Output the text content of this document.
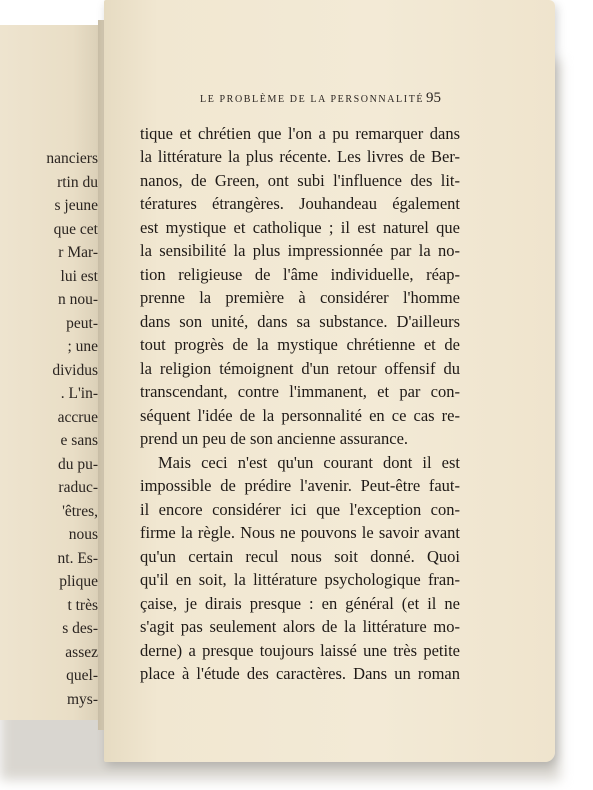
nanciers

rtin du

s jeune

que cet

r Mar-

lui est

n nou-

peut-

; une

dividus

. L'in-

accrue

e sans

du pu-

raduc-

'êtres,

nous

nt. Es-

plique

t très

s des-

assez

quel-

mys-

LE PROBLÈME DE LA PERSONNALITÉ 95

tique et chrétien que l'on a pu remarquer dans

la littérature la plus récente. Les livres de Ber-

nanos, de Green, ont subi l'influence des lit-

tératures étrangères. Jouhandeau également

est mystique et catholique ; il est naturel que

la sensibilité la plus impressionnée par la no-

tion religieuse de l'âme individuelle, réap-

prenne la première à considérer l'homme

dans son unité, dans sa substance. D'ailleurs

tout progrès de la mystique chrétienne et de

la religion témoignent d'un retour offensif du

transcendant, contre l'immanent, et par con-

séquent l'idée de la personnalité en ce cas re-

prend un peu de son ancienne assurance.

Mais ceci n'est qu'un courant dont il est

impossible de prédire l'avenir. Peut-être faut-

il encore considérer ici que l'exception con-

firme la règle. Nous ne pouvons le savoir avant

qu'un certain recul nous soit donné. Quoi

qu'il en soit, la littérature psychologique fran-

çaise, je dirais presque : en général (et il ne

s'agit pas seulement alors de la littérature mo-

derne) a presque toujours laissé une très petite

place à l'étude des caractères. Dans un roman
